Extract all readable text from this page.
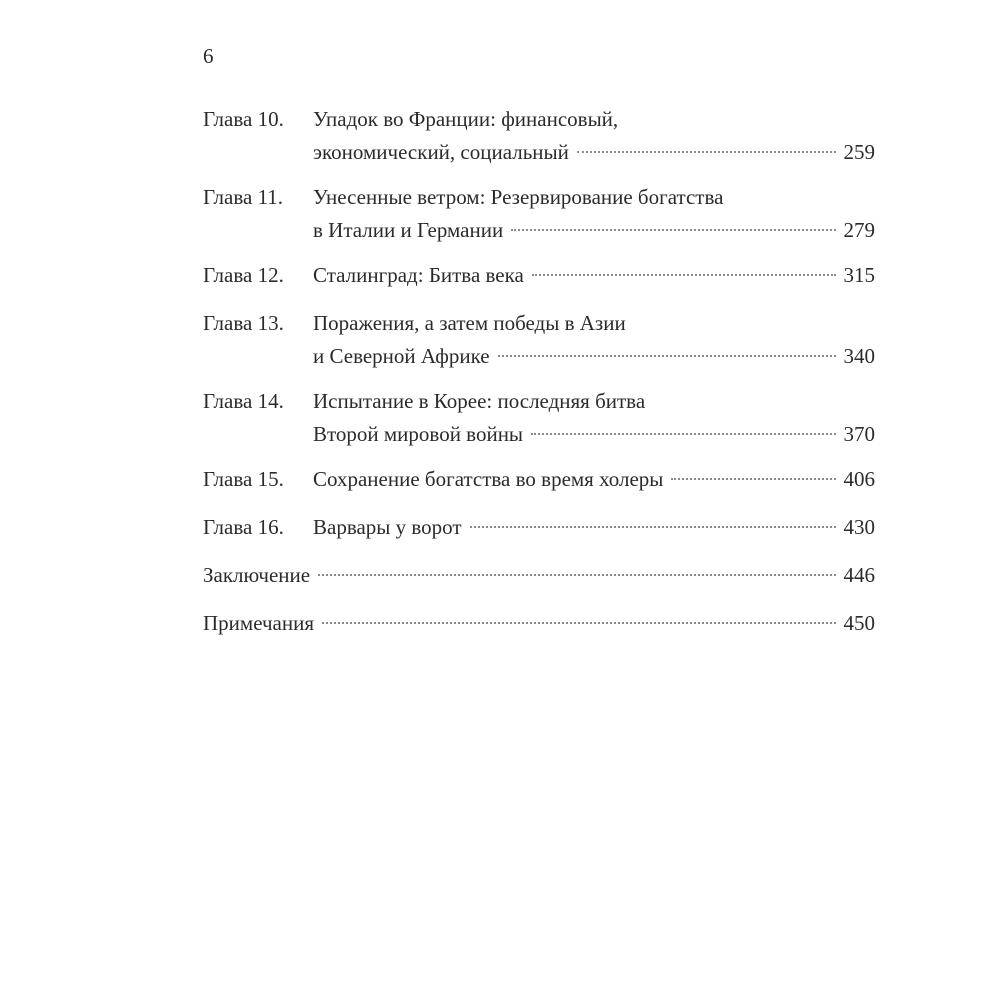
6
Глава 10. Упадок во Франции: финансовый,
экономический, социальный	259
Глава 11. Унесенные ветром: Резервирование богатства
в Италии и Германии	279
Глава 12. Сталинград: Битва века	315
Глава 13. Поражения, а затем победы в Азии
и Северной Африке	340
Глава 14. Испытание в Корее: последняя битва
Второй мировой войны	370
Глава 15. Сохранение богатства во время холеры	406
Глава 16. Варвары у ворот	430
Заключение	446
Примечания	450
